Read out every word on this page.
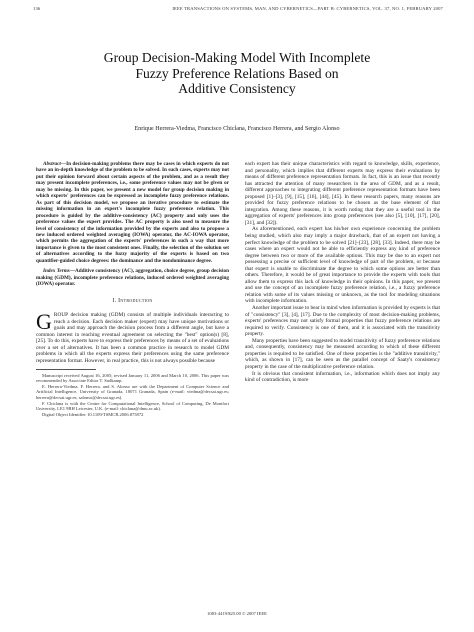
136	IEEE TRANSACTIONS ON SYSTEMS, MAN, AND CYBERNETICS—PART B: CYBERNETICS, VOL. 37, NO. 1, FEBRUARY 2007
Group Decision-Making Model With Incomplete
Fuzzy Preference Relations Based on
Additive Consistency
Enrique Herrera-Viedma, Francisco Chiclana, Francisco Herrera, and Sergio Alonso

Abstract—In decision-making problems there may be cases in which experts do not have an in-depth knowledge of the problem to be solved. In such cases, experts may not put their opinion forward about certain aspects of the problem, and as a result they may present incomplete preferences, i.e., some preference values may not be given or may be missing. In this paper, we present a new model for group decision making in which experts' preferences can be expressed as incomplete fuzzy preference relations. As part of this decision model, we propose an iterative procedure to estimate the missing information in an expert's incomplete fuzzy preference relation. This procedure is guided by the additive-consistency (AC) property and only uses the preference values the expert provides. The AC property is also used to measure the level of consistency of the information provided by the experts and also to propose a new induced ordered weighted averaging (IOWA) operator, the AC-IOWA operator, which permits the aggregation of the experts' preferences in such a way that more importance is given to the most consistent ones. Finally, the selection of the solution set of alternatives according to the fuzzy majority of the experts is based on two quantifier-guided choice degrees: the dominance and the nondominance degree.

Index Terms—Additive consistency (AC), aggregation, choice degree, group decision making (GDM), incomplete preference relations, induced ordered weighted averaging (IOWA) operator.

I. Introduction

GROUP decision making (GDM) consists of multiple individuals interacting to reach a decision. Each decision maker (expert) may have unique motivations or goals and may approach the decision process from a different angle, but have a common interest in reaching eventual agreement on selecting the "best" option(s) [8], [25]. To do this, experts have to express their preferences by means of a set of evaluations over a set of alternatives. It has been a common practice in research to model GDM problems in which all the experts express their preferences using the same preference representation format. However, in real practice, this is not always possible because

Manuscript received August 16, 2005; revised January 11, 2006 and March 10, 2006. This paper was recommended by Associate Editor T. Sudkamp.

E. Herrera-Viedma, F. Herrera, and S. Alonso are with the Department of Computer Science and Artificial Intelligence, University of Granada, 18071 Granada, Spain (e-mail: viedma@decsai.ugr.es; herrera@decsai.ugr.es; salonso@decsai.ugr.es).

F. Chiclana is with the Centre for Computational Intelligence, School of Computing, De Montfort University, LE1 9BH Leicester, U.K. (e-mail: chiclana@dmu.ac.uk).

Digital Object Identifier 10.1109/TSMCB.2006.875872

each expert has their unique characteristics with regard to knowledge, skills, experience, and personality, which implies that different experts may express their evaluations by means of different preference representation formats. In fact, this is an issue that recently has attracted the attention of many researchers in the area of GDM, and as a result, different approaches to integrating different preference representation formats have been proposed [1]–[3], [9], [15], [16], [44], [45]. In these research papers, many reasons are provided for fuzzy preference relations to be chosen as the base element of that integration. Among these reasons, it is worth noting that they are a useful tool in the aggregation of experts' preferences into group preferences (see also [5], [10], [17], [20], [31], and [32]).

As aforementioned, each expert has his/her own experience concerning the problem being studied, which also may imply a major drawback, that of an expert not having a perfect knowledge of the problem to be solved [21]–[23], [28], [33]. Indeed, there may be cases where an expert would not be able to efficiently express any kind of preference degree between two or more of the available options. This may be due to an expert not possessing a precise or sufficient level of knowledge of part of the problem, or because that expert is unable to discriminate the degree to which some options are better than others. Therefore, it would be of great importance to provide the experts with tools that allow them to express this lack of knowledge in their opinions. In this paper, we present and use the concept of an incomplete fuzzy preference relation, i.e., a fuzzy preference relation with some of its values missing or unknown, as the tool for modeling situations with incomplete information.

Another important issue to bear in mind when information is provided by experts is that of "consistency" [3], [4], [17]. Due to the complexity of most decision-making problems, experts' preferences may not satisfy formal properties that fuzzy preference relations are required to verify. Consistency is one of them, and it is associated with the transitivity property.

Many properties have been suggested to model transitivity of fuzzy preference relations and, consequently, consistency may be measured according to which of these different properties is required to be satisfied. One of these properties is the "additive transitivity," which, as shown in [17], can be seen as the parallel concept of Saaty's consistency property in the case of the multiplicative preference relation.

It is obvious that consistent information, i.e., information which does not imply any kind of contradiction, is more

1083-4419/$25.00 © 2007 IEEE
